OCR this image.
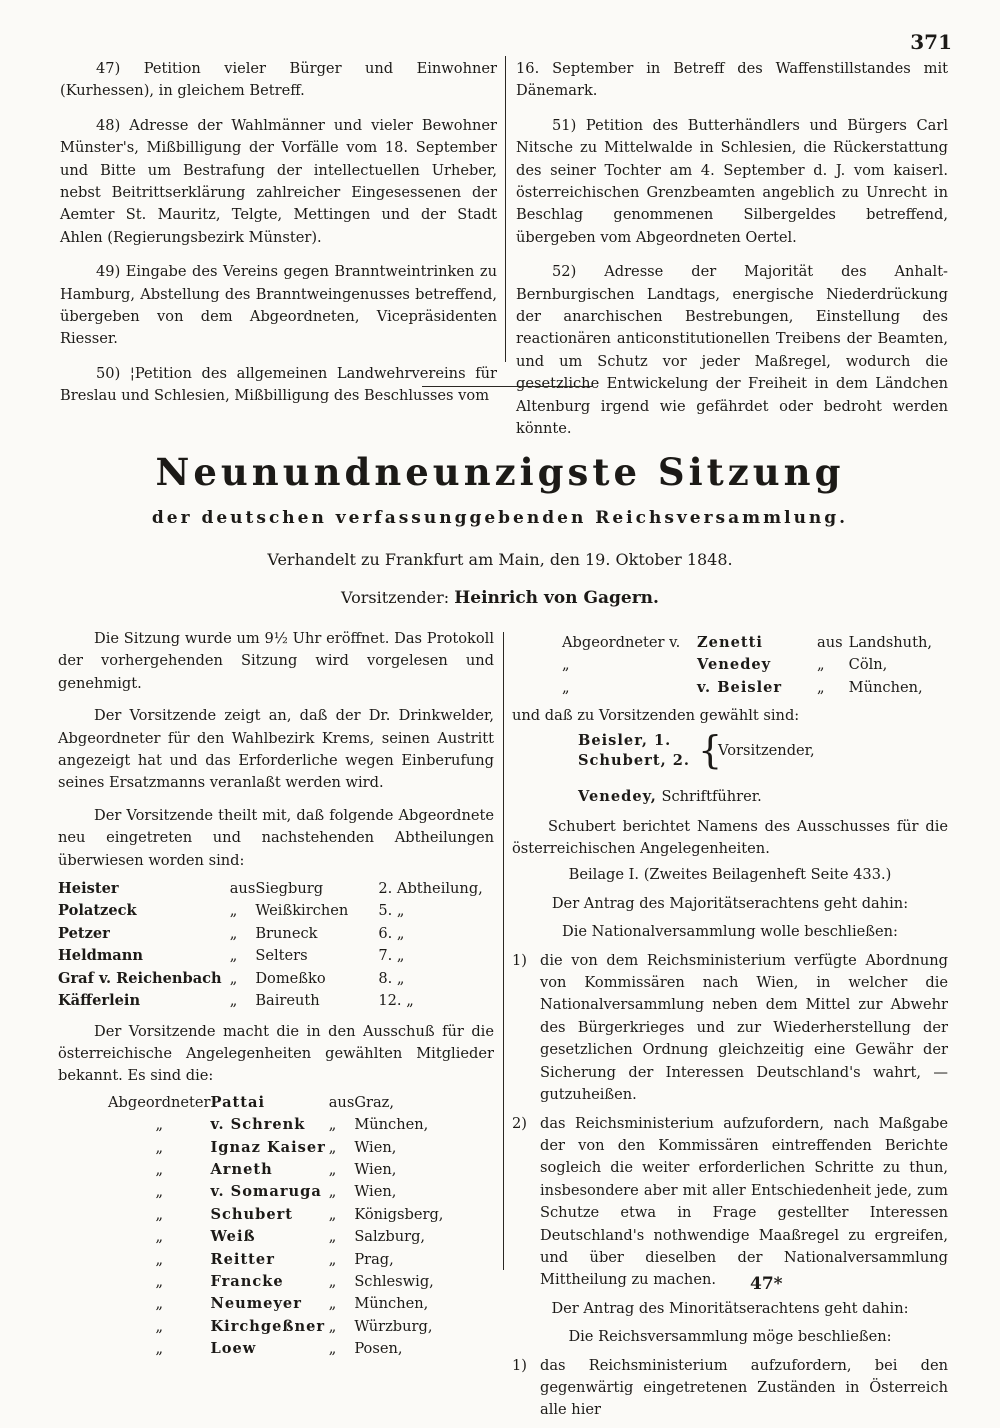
371

47) Petition vieler Bürger und Einwohner (Kurhessen), in gleichem Betreff.

48) Adresse der Wahlmänner und vieler Bewohner Münster's, Mißbilligung der Vorfälle vom 18. September und Bitte um Bestrafung der intellectuellen Urheber, nebst Beitrittserklärung zahlreicher Eingesessenen der Aemter St. Mauritz, Telgte, Mettingen und der Stadt Ahlen (Regierungsbezirk Münster).

49) Eingabe des Vereins gegen Branntweintrinken zu Hamburg, Abstellung des Branntweingenusses betreffend, übergeben von dem Abgeordneten, Vicepräsidenten Riesser.

50) ¦Petition des allgemeinen Landwehrvereins für Breslau und Schlesien, Mißbilligung des Beschlusses vom

16. September in Betreff des Waffenstillstandes mit Dänemark.

51) Petition des Butterhändlers und Bürgers Carl Nitsche zu Mittelwalde in Schlesien, die Rückerstattung des seiner Tochter am 4. September d. J. vom kaiserl. österreichischen Grenzbeamten angeblich zu Unrecht in Beschlag genommenen Silbergeldes betreffend, übergeben vom Abgeordneten Oertel.

52) Adresse der Majorität des Anhalt-Bernburgischen Landtags, energische Niederdrückung der anarchischen Bestrebungen, Einstellung des reactionären anticonstitutionellen Treibens der Beamten, und um Schutz vor jeder Maßregel, wodurch die gesetzliche Entwickelung der Freiheit in dem Ländchen Altenburg irgend wie gefährdet oder bedroht werden könnte.

Neunundneunzigste Sitzung
der deutschen verfassunggebenden Reichsversammlung.
Verhandelt zu Frankfurt am Main, den 19. Oktober 1848.
Vorsitzender: Heinrich von Gagern.

Die Sitzung wurde um 9½ Uhr eröffnet. Das Protokoll der vorhergehenden Sitzung wird vorgelesen und genehmigt.

Der Vorsitzende zeigt an, daß der Dr. Drinkwelder, Abgeordneter für den Wahlbezirk Krems, seinen Austritt angezeigt hat und das Erforderliche wegen Einberufung seines Ersatzmanns veranlaßt werden wird.

Der Vorsitzende theilt mit, daß folgende Abgeordnete neu eingetreten und nachstehenden Abtheilungen überwiesen worden sind:

Heister	aus	Siegburg	2. Abtheilung,
Polatzeck	„	Weißkirchen	5. „
Petzer	„	Bruneck	6. „
Heldmann	„	Selters	7. „
Graf v. Reichenbach	„	Domeßko	8. „
Käfferlein	„	Baireuth	12. „

Der Vorsitzende macht die in den Ausschuß für die österreichische Angelegenheiten gewählten Mitglieder bekannt. Es sind die:

Abgeordneter	Pattai	aus	Graz,
„	v. Schrenk	„	München,
„	Ignaz Kaiser	„	Wien,
„	Arneth	„	Wien,
„	v. Somaruga	„	Wien,
„	Schubert	„	Königsberg,
„	Weiß	„	Salzburg,
„	Reitter	„	Prag,
„	Francke	„	Schleswig,
„	Neumeyer	„	München,
„	Kirchgeßner	„	Würzburg,
„	Loew	„	Posen,
Abgeordneter v.	Zenetti	aus	Landshuth,
„	Venedey	„	Cöln,
„	v. Beisler	„	München,
und daß zu Vorsitzenden gewählt sind:
Beisler, 1.
Schubert, 2. {
Vorsitzender,
Venedey, Schriftführer.

Schubert berichtet Namens des Ausschusses für die österreichischen Angelegenheiten.

Beilage I. (Zweites Beilagenheft Seite 433.)
Der Antrag des Majoritätserachtens geht dahin:
Die Nationalversammlung wolle beschließen:
1) die von dem Reichsministerium verfügte Abordnung von Kommissären nach Wien, in welcher die Nationalversammlung neben dem Mittel zur Abwehr des Bürgerkrieges und zur Wiederherstellung der gesetzlichen Ordnung gleichzeitig eine Gewähr der Sicherung der Interessen Deutschland's wahrt, — gutzuheißen.
2) das Reichsministerium aufzufordern, nach Maßgabe der von den Kommissären eintreffenden Berichte sogleich die weiter erforderlichen Schritte zu thun, insbesondere aber mit aller Entschiedenheit jede, zum Schutze etwa in Frage gestellter Interessen Deutschland's nothwendige Maaßregel zu ergreifen, und über dieselben der Nationalversammlung Mittheilung zu machen.
Der Antrag des Minoritätserachtens geht dahin:
Die Reichsversammlung möge beschließen:
1) das Reichsministerium aufzufordern, bei den gegenwärtig eingetretenen Zuständen in Österreich alle hier
47*
